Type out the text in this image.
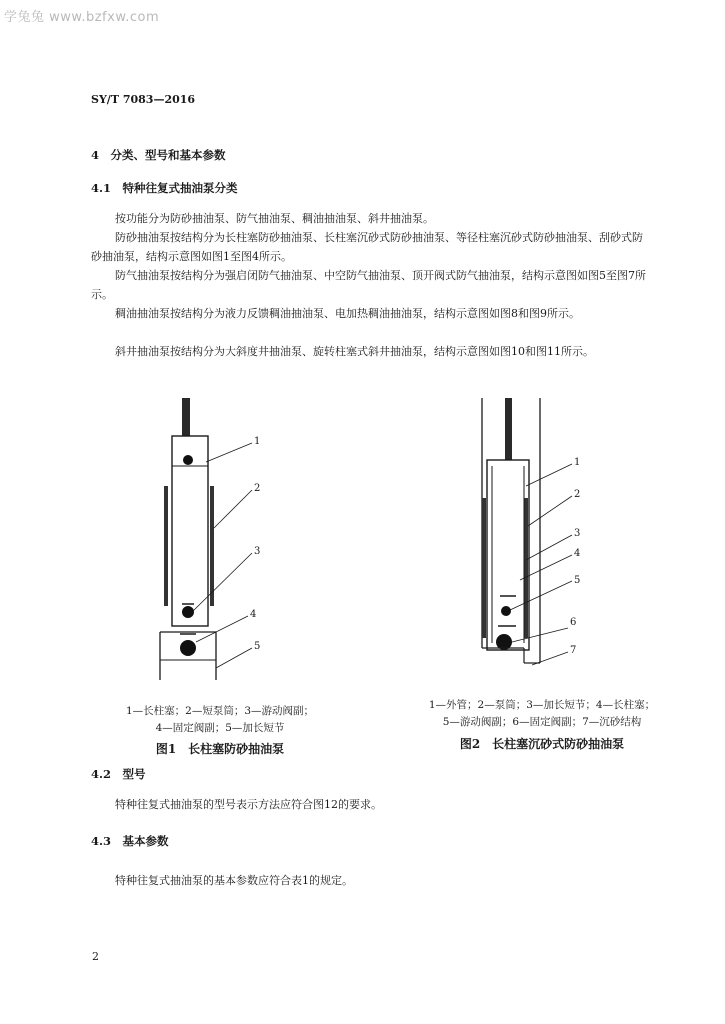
学兔兔 www.bzfxw.com
SY/T 7083—2016
4　分类、型号和基本参数
4.1　特种往复式抽油泵分类
按功能分为防砂抽油泵、防气抽油泵、稠油抽油泵、斜井抽油泵。
防砂抽油泵按结构分为长柱塞防砂抽油泵、长柱塞沉砂式防砂抽油泵、等径柱塞沉砂式防砂抽油泵、刮砂式防砂抽油泵，结构示意图如图1至图4所示。
防气抽油泵按结构分为强启闭防气抽油泵、中空防气抽油泵、顶开阀式防气抽油泵，结构示意图如图5至图7所示。
稠油抽油泵按结构分为液力反馈稠油抽油泵、电加热稠油抽油泵，结构示意图如图8和图9所示。
斜井抽油泵按结构分为大斜度井抽油泵、旋转柱塞式斜井抽油泵，结构示意图如图10和图11所示。
1
2
3
4
5
1
2
3
4
5
6
7
1—长柱塞；2—短泵筒；3—游动阀副；
4—固定阀副；5—加长短节
图1　长柱塞防砂抽油泵
1—外管；2—泵筒；3—加长短节；4—长柱塞；
5—游动阀副；6—固定阀副；7—沉砂结构
图2　长柱塞沉砂式防砂抽油泵
4.2　型号
特种往复式抽油泵的型号表示方法应符合图12的要求。
4.3　基本参数
特种往复式抽油泵的基本参数应符合表1的规定。
2
